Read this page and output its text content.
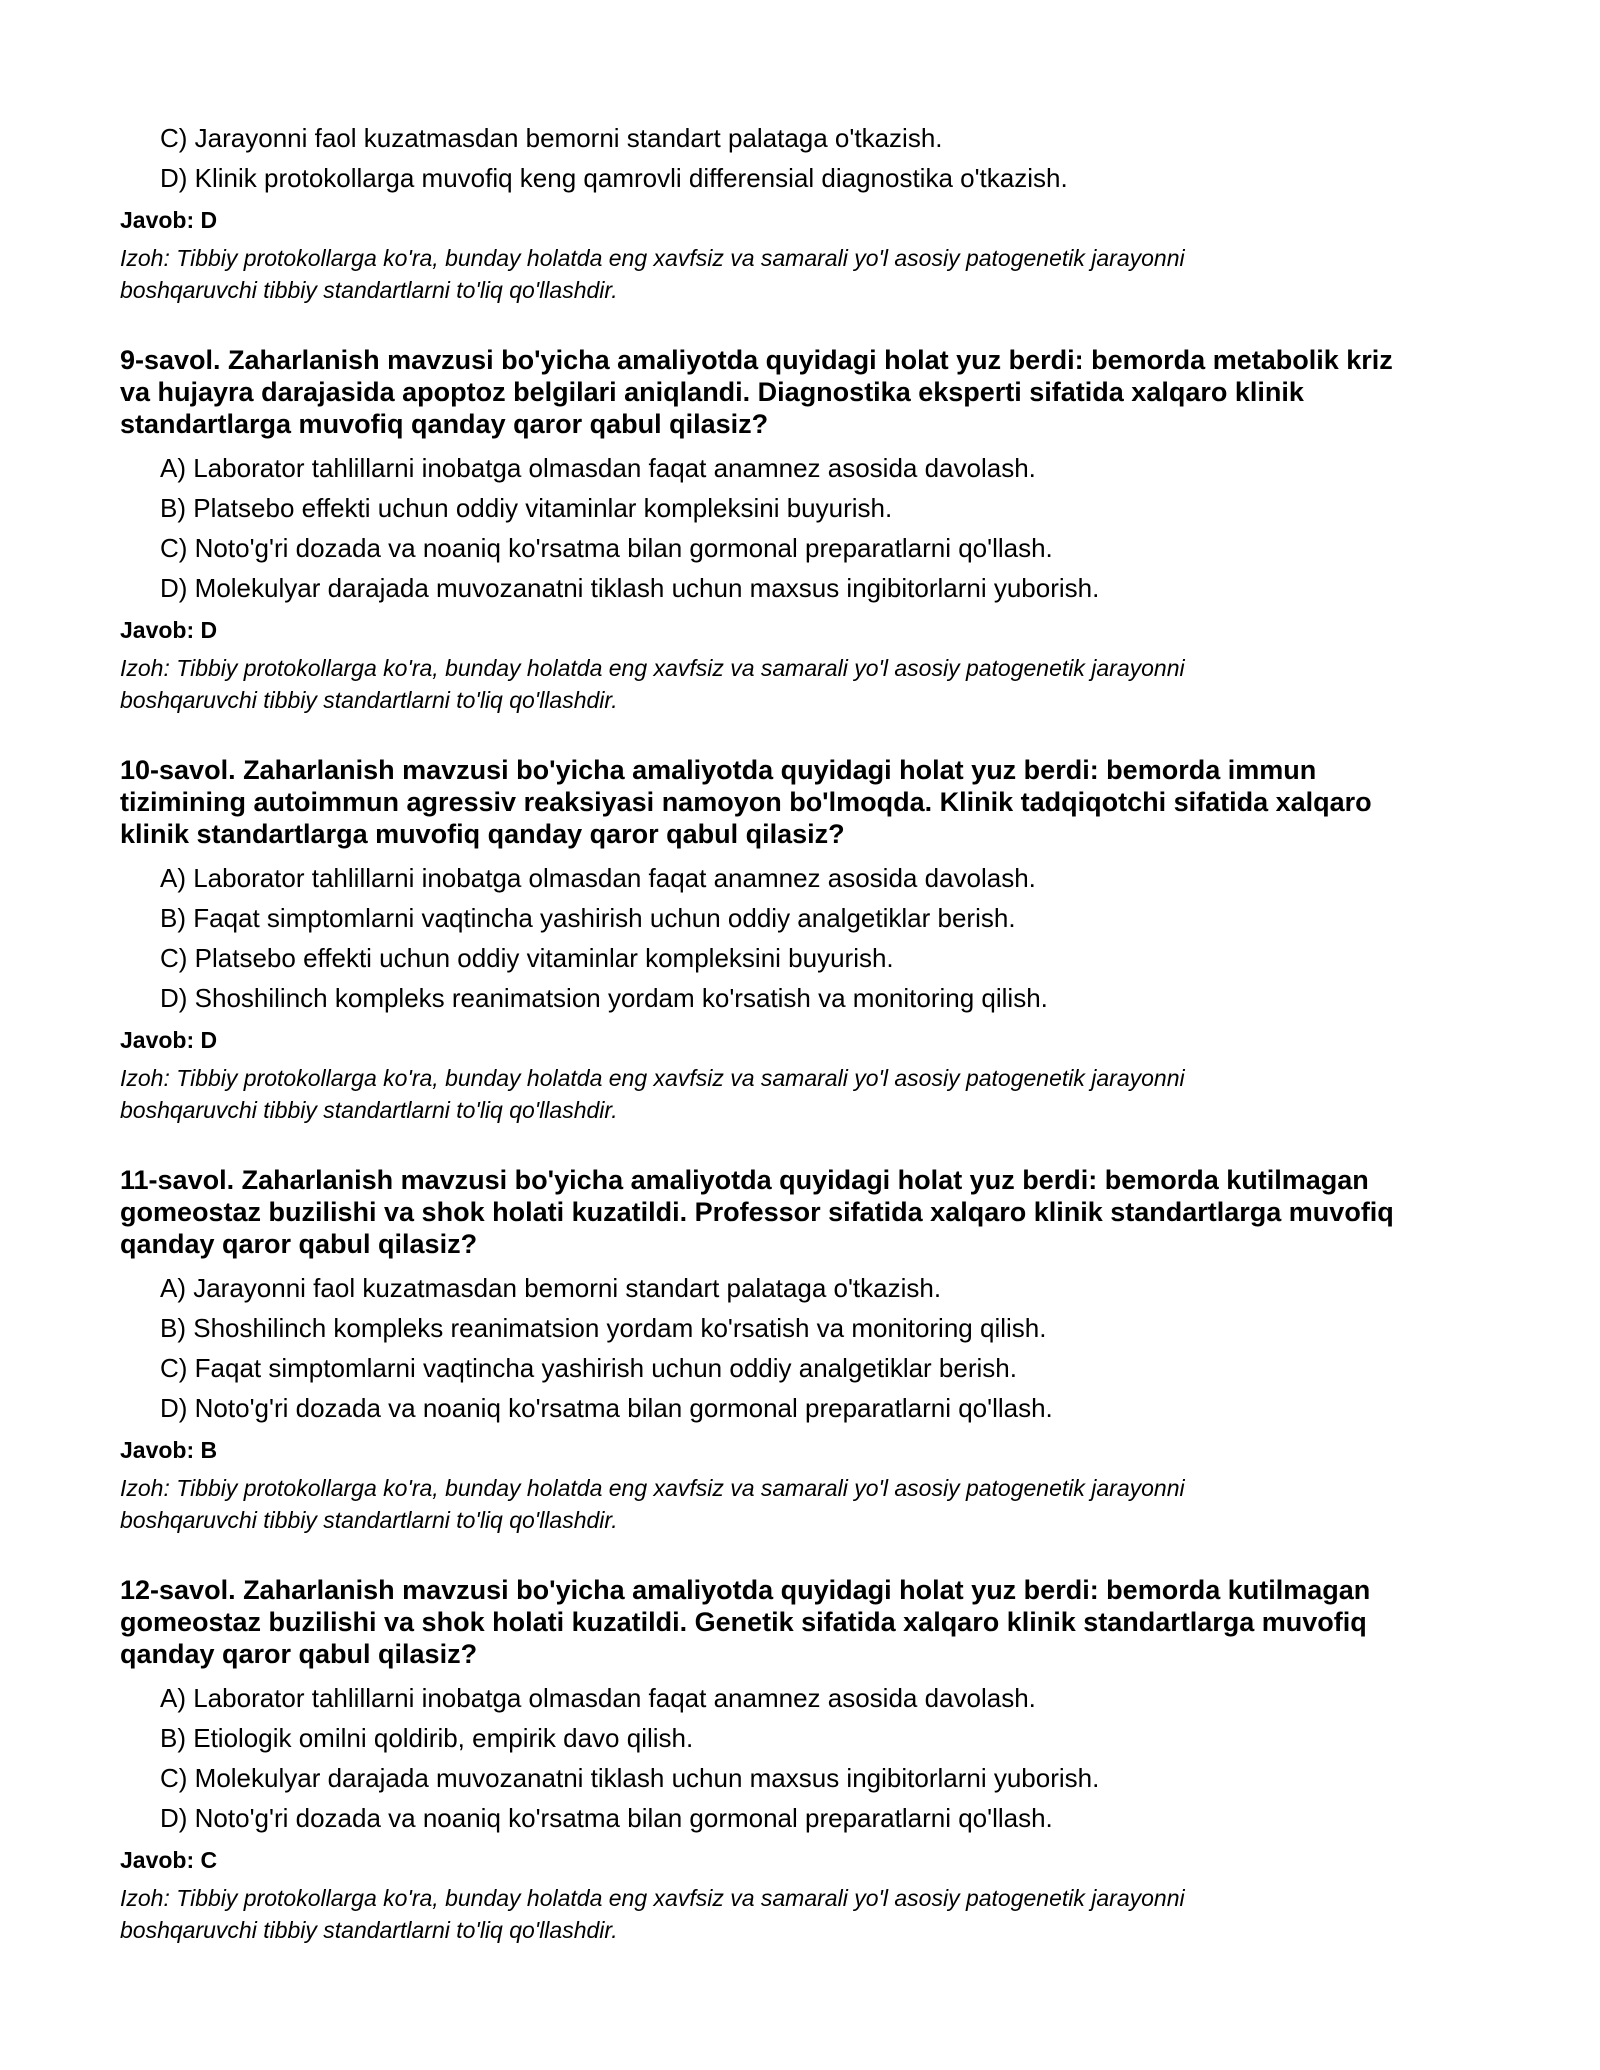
C) Jarayonni faol kuzatmasdan bemorni standart palataga o'tkazish.
D) Klinik protokollarga muvofiq keng qamrovli differensial diagnostika o'tkazish.
Javob: D
Izoh: Tibbiy protokollarga ko'ra, bunday holatda eng xavfsiz va samarali yo'l asosiy patogenetik jarayonni
boshqaruvchi tibbiy standartlarni to'liq qo'llashdir.
9-savol. Zaharlanish mavzusi bo'yicha amaliyotda quyidagi holat yuz berdi: bemorda metabolik kriz
va hujayra darajasida apoptoz belgilari aniqlandi. Diagnostika eksperti sifatida xalqaro klinik
standartlarga muvofiq qanday qaror qabul qilasiz?
A) Laborator tahlillarni inobatga olmasdan faqat anamnez asosida davolash.
B) Platsebo effekti uchun oddiy vitaminlar kompleksini buyurish.
C) Noto'g'ri dozada va noaniq ko'rsatma bilan gormonal preparatlarni qo'llash.
D) Molekulyar darajada muvozanatni tiklash uchun maxsus ingibitorlarni yuborish.
Javob: D
Izoh: Tibbiy protokollarga ko'ra, bunday holatda eng xavfsiz va samarali yo'l asosiy patogenetik jarayonni
boshqaruvchi tibbiy standartlarni to'liq qo'llashdir.
10-savol. Zaharlanish mavzusi bo'yicha amaliyotda quyidagi holat yuz berdi: bemorda immun
tizimining autoimmun agressiv reaksiyasi namoyon bo'lmoqda. Klinik tadqiqotchi sifatida xalqaro
klinik standartlarga muvofiq qanday qaror qabul qilasiz?
A) Laborator tahlillarni inobatga olmasdan faqat anamnez asosida davolash.
B) Faqat simptomlarni vaqtincha yashirish uchun oddiy analgetiklar berish.
C) Platsebo effekti uchun oddiy vitaminlar kompleksini buyurish.
D) Shoshilinch kompleks reanimatsion yordam ko'rsatish va monitoring qilish.
Javob: D
Izoh: Tibbiy protokollarga ko'ra, bunday holatda eng xavfsiz va samarali yo'l asosiy patogenetik jarayonni
boshqaruvchi tibbiy standartlarni to'liq qo'llashdir.
11-savol. Zaharlanish mavzusi bo'yicha amaliyotda quyidagi holat yuz berdi: bemorda kutilmagan
gomeostaz buzilishi va shok holati kuzatildi. Professor sifatida xalqaro klinik standartlarga muvofiq
qanday qaror qabul qilasiz?
A) Jarayonni faol kuzatmasdan bemorni standart palataga o'tkazish.
B) Shoshilinch kompleks reanimatsion yordam ko'rsatish va monitoring qilish.
C) Faqat simptomlarni vaqtincha yashirish uchun oddiy analgetiklar berish.
D) Noto'g'ri dozada va noaniq ko'rsatma bilan gormonal preparatlarni qo'llash.
Javob: B
Izoh: Tibbiy protokollarga ko'ra, bunday holatda eng xavfsiz va samarali yo'l asosiy patogenetik jarayonni
boshqaruvchi tibbiy standartlarni to'liq qo'llashdir.
12-savol. Zaharlanish mavzusi bo'yicha amaliyotda quyidagi holat yuz berdi: bemorda kutilmagan
gomeostaz buzilishi va shok holati kuzatildi. Genetik sifatida xalqaro klinik standartlarga muvofiq
qanday qaror qabul qilasiz?
A) Laborator tahlillarni inobatga olmasdan faqat anamnez asosida davolash.
B) Etiologik omilni qoldirib, empirik davo qilish.
C) Molekulyar darajada muvozanatni tiklash uchun maxsus ingibitorlarni yuborish.
D) Noto'g'ri dozada va noaniq ko'rsatma bilan gormonal preparatlarni qo'llash.
Javob: C
Izoh: Tibbiy protokollarga ko'ra, bunday holatda eng xavfsiz va samarali yo'l asosiy patogenetik jarayonni
boshqaruvchi tibbiy standartlarni to'liq qo'llashdir.
